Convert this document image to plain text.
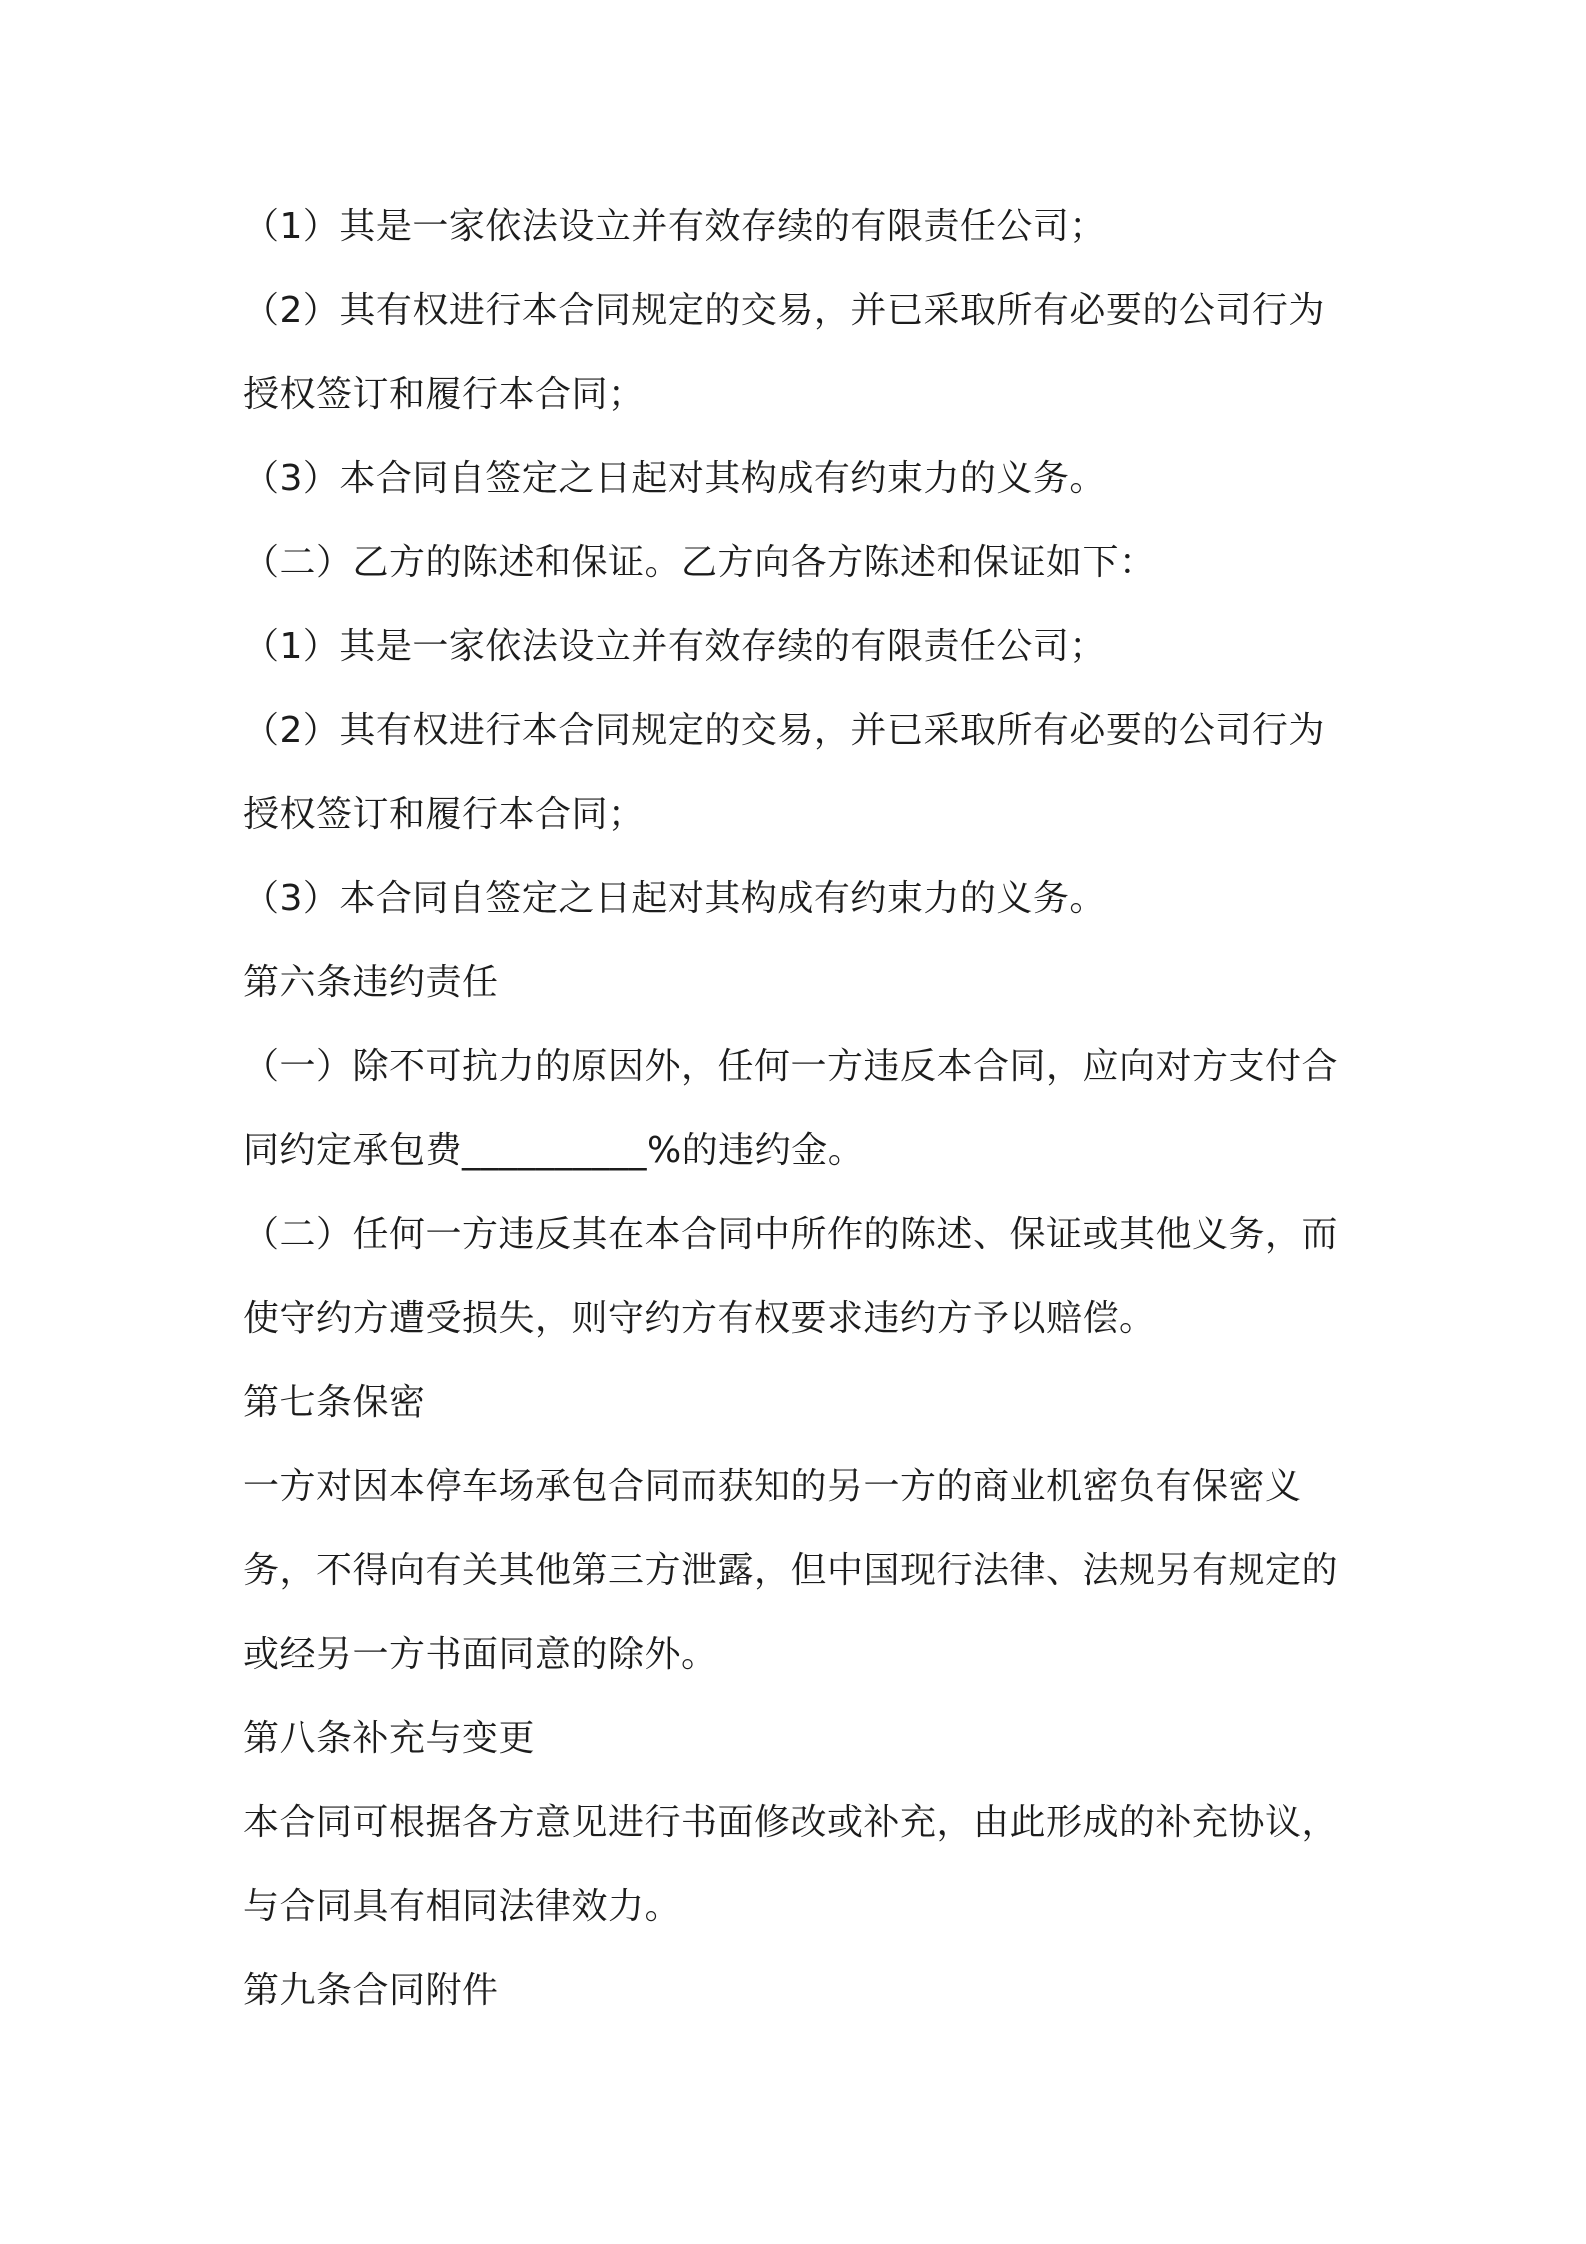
（1）其是一家依法设立并有效存续的有限责任公司；

（2）其有权进行本合同规定的交易，并已采取所有必要的公司行为

授权签订和履行本合同；

（3）本合同自签定之日起对其构成有约束力的义务。

（二）乙方的陈述和保证。乙方向各方陈述和保证如下：

（1）其是一家依法设立并有效存续的有限责任公司；

（2）其有权进行本合同规定的交易，并已采取所有必要的公司行为

授权签订和履行本合同；

（3）本合同自签定之日起对其构成有约束力的义务。

第六条违约责任

（一）除不可抗力的原因外，任何一方违反本合同，应向对方支付合

同约定承包费__________%的违约金。

（二）任何一方违反其在本合同中所作的陈述、保证或其他义务，而

使守约方遭受损失，则守约方有权要求违约方予以赔偿。

第七条保密

一方对因本停车场承包合同而获知的另一方的商业机密负有保密义

务，不得向有关其他第三方泄露，但中国现行法律、法规另有规定的

或经另一方书面同意的除外。

第八条补充与变更

本合同可根据各方意见进行书面修改或补充，由此形成的补充协议，

与合同具有相同法律效力。

第九条合同附件
